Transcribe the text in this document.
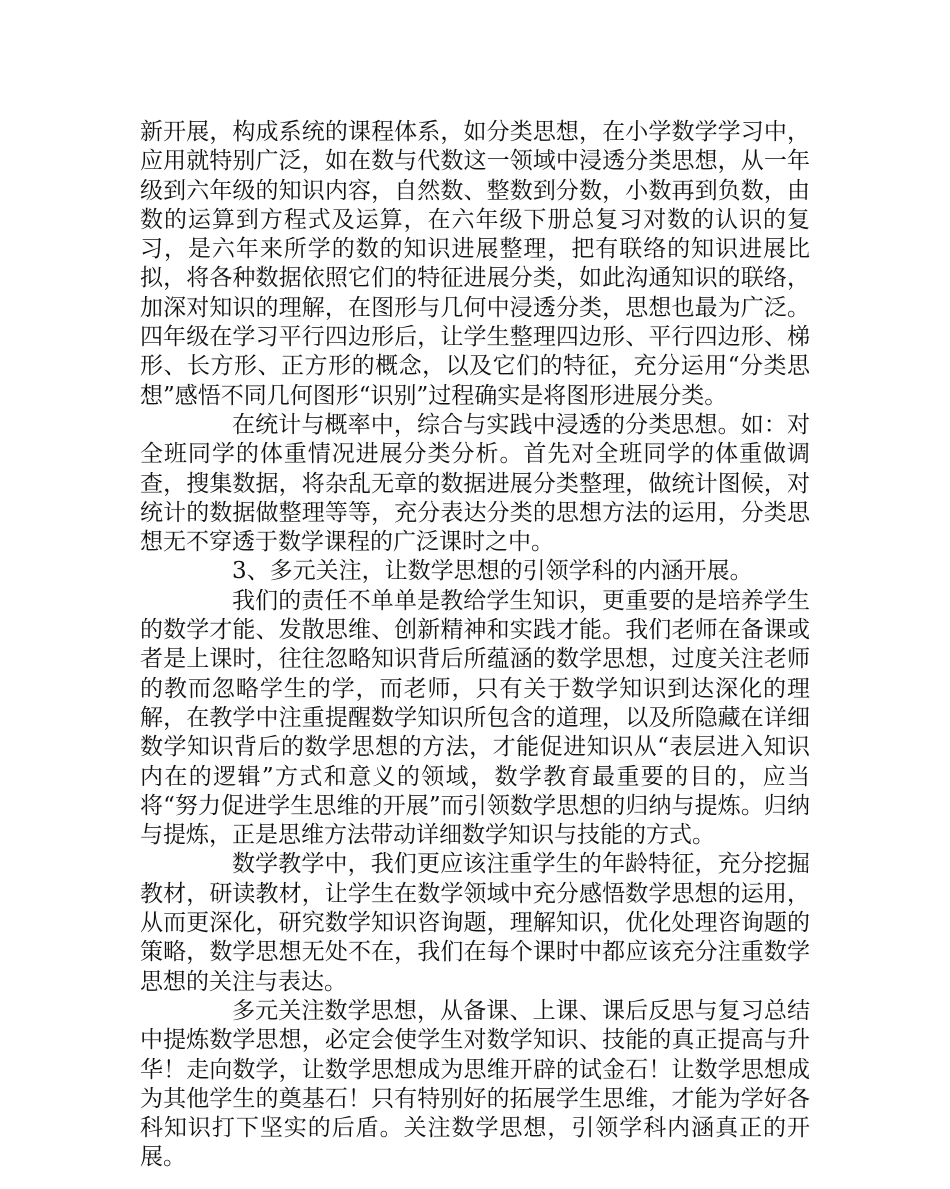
新开展，构成系统的课程体系，如分类思想，在小学数学学习中，应用就特别广泛，如在数与代数这一领域中浸透分类思想，从一年级到六年级的知识内容，自然数、整数到分数，小数再到负数，由数的运算到方程式及运算，在六年级下册总复习对数的认识的复习，是六年来所学的数的知识进展整理，把有联络的知识进展比拟，将各种数据依照它们的特征进展分类，如此沟通知识的联络，加深对知识的理解，在图形与几何中浸透分类，思想也最为广泛。四年级在学习平行四边形后，让学生整理四边形、平行四边形、梯形、长方形、正方形的概念，以及它们的特征，充分运用“分类思想”感悟不同几何图形“识别”过程确实是将图形进展分类。

在统计与概率中，综合与实践中浸透的分类思想。如：对全班同学的体重情况进展分类分析。首先对全班同学的体重做调查，搜集数据，将杂乱无章的数据进展分类整理，做统计图候，对统计的数据做整理等等，充分表达分类的思想方法的运用，分类思想无不穿透于数学课程的广泛课时之中。

3、多元关注，让数学思想的引领学科的内涵开展。

我们的责任不单单是教给学生知识，更重要的是培养学生的数学才能、发散思维、创新精神和实践才能。我们老师在备课或者是上课时，往往忽略知识背后所蕴涵的数学思想，过度关注老师的教而忽略学生的学，而老师，只有关于数学知识到达深化的理解，在教学中注重提醒数学知识所包含的道理，以及所隐藏在详细数学知识背后的数学思想的方法，才能促进知识从“表层进入知识内在的逻辑”方式和意义的领域，数学教育最重要的目的，应当将“努力促进学生思维的开展”而引领数学思想的归纳与提炼。归纳与提炼，正是思维方法带动详细数学知识与技能的方式。

数学教学中，我们更应该注重学生的年龄特征，充分挖掘教材，研读教材，让学生在数学领域中充分感悟数学思想的运用，从而更深化，研究数学知识咨询题，理解知识，优化处理咨询题的策略，数学思想无处不在，我们在每个课时中都应该充分注重数学思想的关注与表达。

多元关注数学思想，从备课、上课、课后反思与复习总结中提炼数学思想，必定会使学生对数学知识、技能的真正提高与升华！走向数学，让数学思想成为思维开辟的试金石！让数学思想成为其他学生的奠基石！只有特别好的拓展学生思维，才能为学好各科知识打下坚实的后盾。关注数学思想，引领学科内涵真正的开展。
